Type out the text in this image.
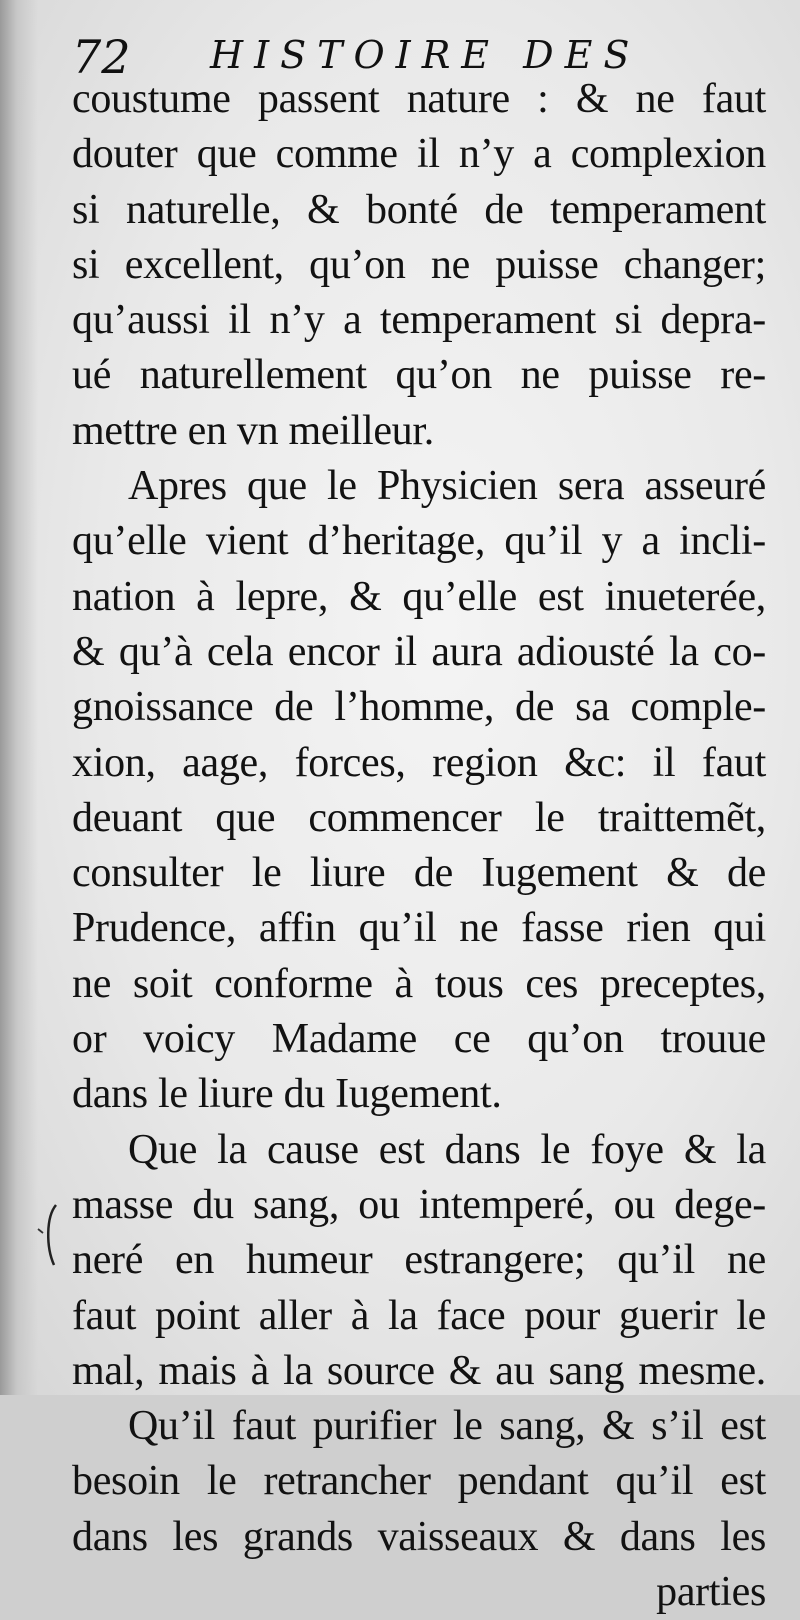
72 HISTOIRE DES
coustume passent nature : & ne faut
douter que comme il n’y a complexion
si naturelle, & bonté de temperament
si excellent, qu’on ne puisse changer;
qu’aussi il n’y a temperament si depra-
ué naturellement qu’on ne puisse re-
mettre en vn meilleur.
Apres que le Physicien sera asseuré
qu’elle vient d’heritage, qu’il y a incli-
nation à lepre, & qu’elle est inueterée,
& qu’à cela encor il aura adiousté la co-
gnoissance de l’homme, de sa comple-
xion, aage, forces, region &c: il faut
deuant que commencer le traittemẽt,
consulter le liure de Iugement & de
Prudence, affin qu’il ne fasse rien qui
ne soit conforme à tous ces preceptes,
or voicy Madame ce qu’on trouue
dans le liure du Iugement.
Que la cause est dans le foye & la
masse du sang, ou intemperé, ou dege-
neré en humeur estrangere; qu’il ne
faut point aller à la face pour guerir le
mal, mais à la source & au sang mesme.
Qu’il faut purifier le sang, & s’il est
besoin le retrancher pendant qu’il est
dans les grands vaisseaux & dans les
parties
